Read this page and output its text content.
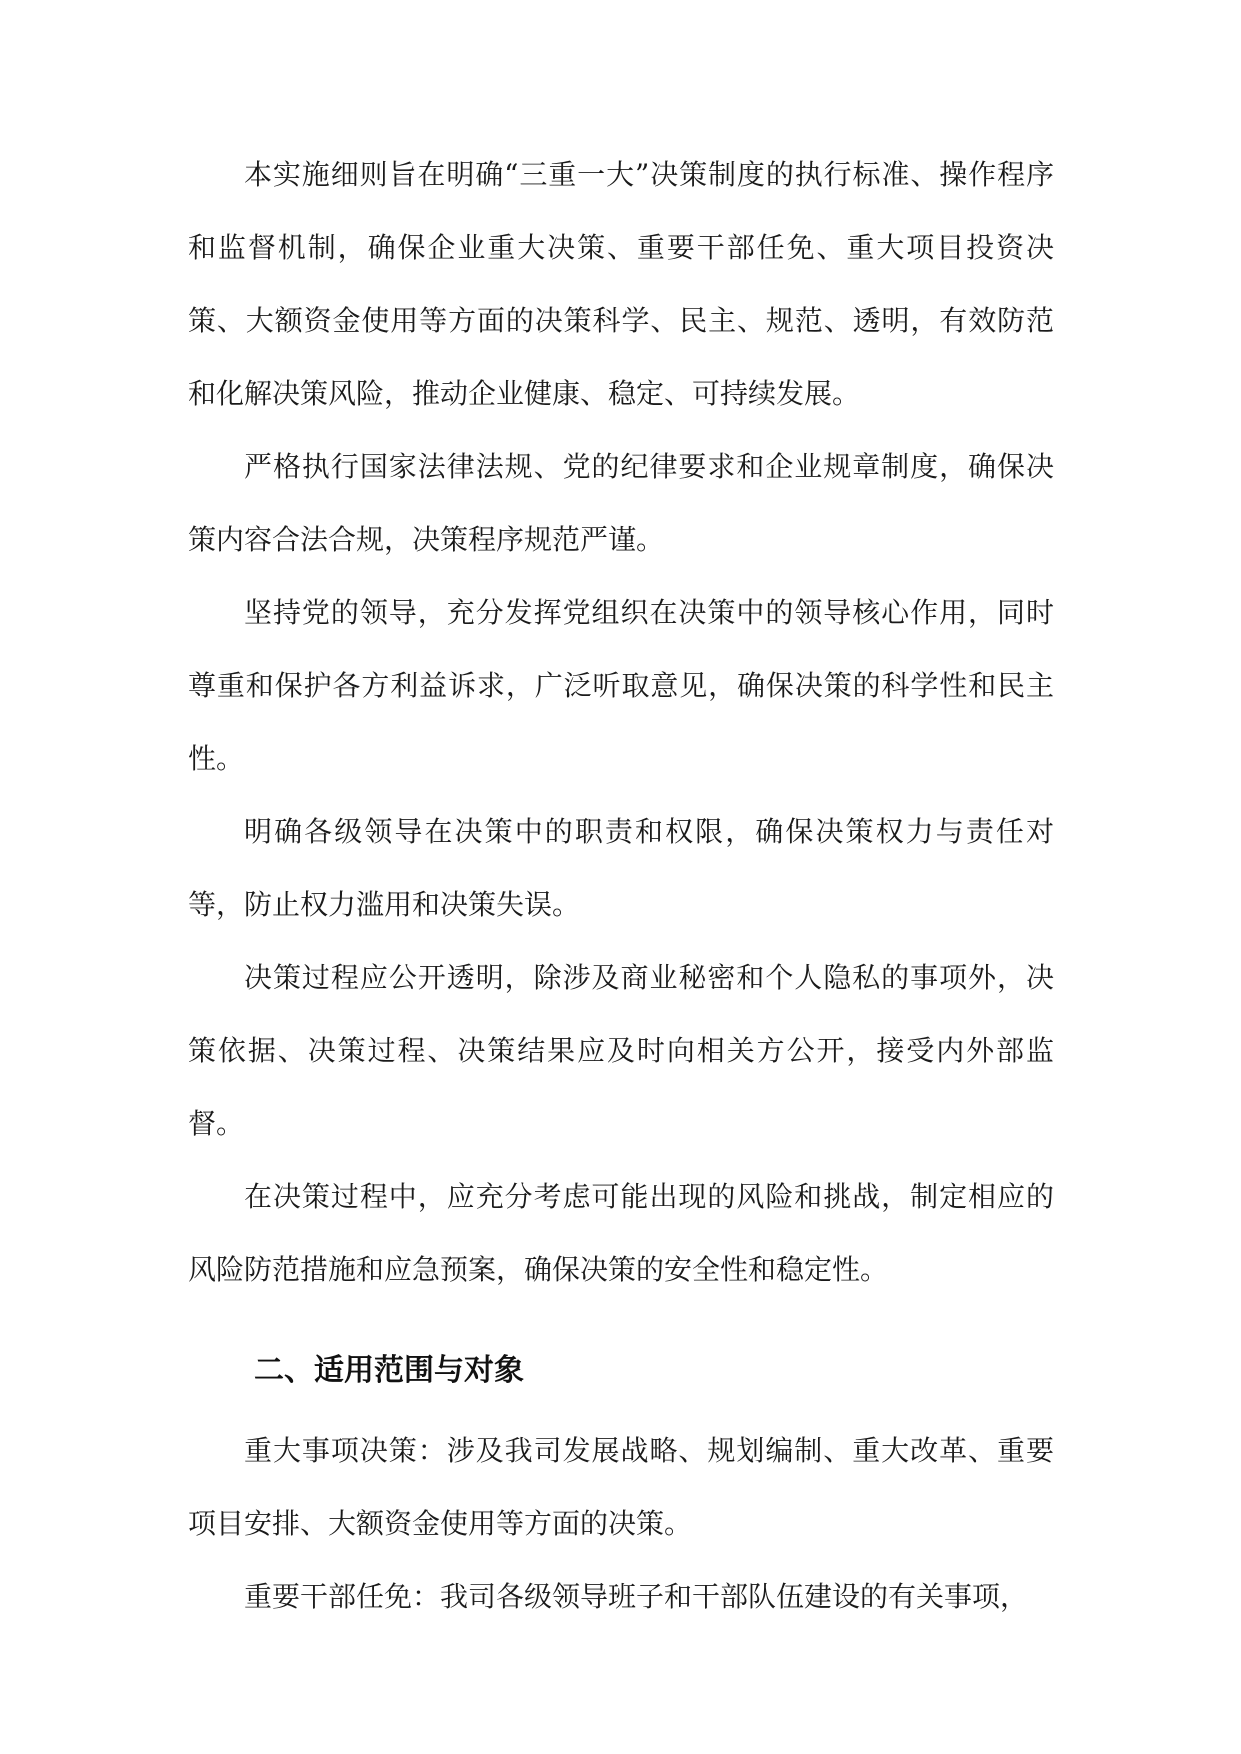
本实施细则旨在明确“三重一大”决策制度的执行标准、操作程序和监督机制，确保企业重大决策、重要干部任免、重大项目投资决策、大额资金使用等方面的决策科学、民主、规范、透明，有效防范和化解决策风险，推动企业健康、稳定、可持续发展。

严格执行国家法律法规、党的纪律要求和企业规章制度，确保决策内容合法合规，决策程序规范严谨。

坚持党的领导，充分发挥党组织在决策中的领导核心作用，同时尊重和保护各方利益诉求，广泛听取意见，确保决策的科学性和民主性。

明确各级领导在决策中的职责和权限，确保决策权力与责任对等，防止权力滥用和决策失误。

决策过程应公开透明，除涉及商业秘密和个人隐私的事项外，决策依据、决策过程、决策结果应及时向相关方公开，接受内外部监督。

在决策过程中，应充分考虑可能出现的风险和挑战，制定相应的风险防范措施和应急预案，确保决策的安全性和稳定性。

二、适用范围与对象

重大事项决策：涉及我司发展战略、规划编制、重大改革、重要项目安排、大额资金使用等方面的决策。

重要干部任免：我司各级领导班子和干部队伍建设的有关事项，
